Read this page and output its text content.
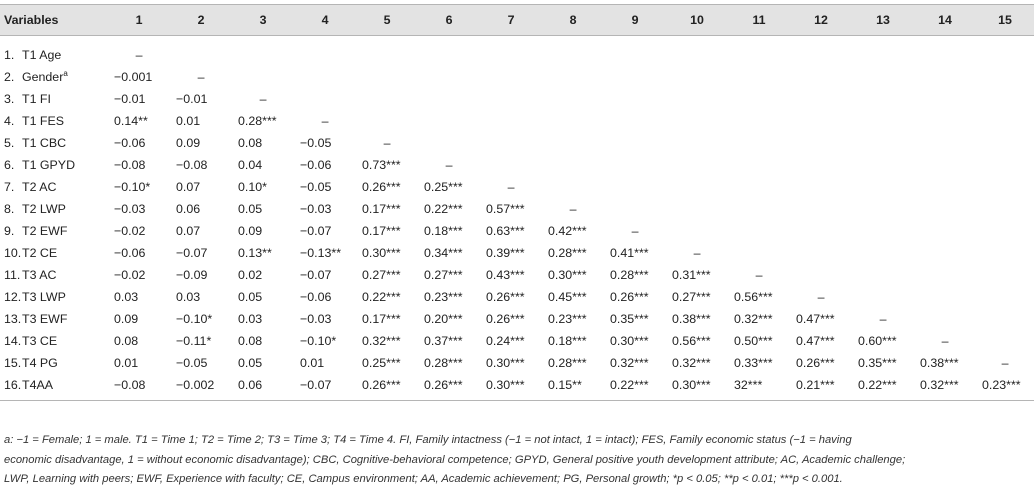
Variables		1	2	3	4	5	6	7	8	9	10	11	12	13	14	15
1.	T1 Age	–														
2.	Gender$^a$	−0.001	–													
3.	T1 FI	−0.01	−0.01	–												
4.	T1 FES	0.14**	0.01	0.28***	–											
5.	T1 CBC	−0.06	0.09	0.08	−0.05	–										
6.	T1 GPYD	−0.08	−0.08	0.04	−0.06	0.73***	–									
7.	T2 AC	−0.10*	0.07	0.10*	−0.05	0.26***	0.25***	–								
8.	T2 LWP	−0.03	0.06	0.05	−0.03	0.17***	0.22***	0.57***	–							
9.	T2 EWF	−0.02	0.07	0.09	−0.07	0.17***	0.18***	0.63***	0.42***	–						
10.	T2 CE	−0.06	−0.07	0.13**	−0.13**	0.30***	0.34***	0.39***	0.28***	0.41***	–					
11.	T3 AC	−0.02	−0.09	0.02	−0.07	0.27***	0.27***	0.43***	0.30***	0.28***	0.31***	–				
12.	T3 LWP	0.03	0.03	0.05	−0.06	0.22***	0.23***	0.26***	0.45***	0.26***	0.27***	0.56***	–			
13.	T3 EWF	0.09	−0.10*	0.03	−0.03	0.17***	0.20***	0.26***	0.23***	0.35***	0.38***	0.32***	0.47***	–		
14.	T3 CE	0.08	−0.11*	0.08	−0.10*	0.32***	0.37***	0.24***	0.18***	0.30***	0.56***	0.50***	0.47***	0.60***	–	
15.	T4 PG	0.01	−0.05	0.05	0.01	0.25***	0.28***	0.30***	0.28***	0.32***	0.32***	0.33***	0.26***	0.35***	0.38***	–
16.	T4AA	−0.08	−0.002	0.06	−0.07	0.26***	0.26***	0.30***	0.15**	0.22***	0.30***	32***	0.21***	0.22***	0.32***	0.23***
a: −1 = Female; 1 = male. T1 = Time 1; T2 = Time 2; T3 = Time 3; T4 = Time 4. FI, Family intactness (−1 = not intact, 1 = intact); FES, Family economic status (−1 = having
economic disadvantage, 1 = without economic disadvantage); CBC, Cognitive-behavioral competence; GPYD, General positive youth development attribute; AC, Academic challenge;
LWP, Learning with peers; EWF, Experience with faculty; CE, Campus environment; AA, Academic achievement; PG, Personal growth; *p < 0.05; **p < 0.01; ***p < 0.001.
